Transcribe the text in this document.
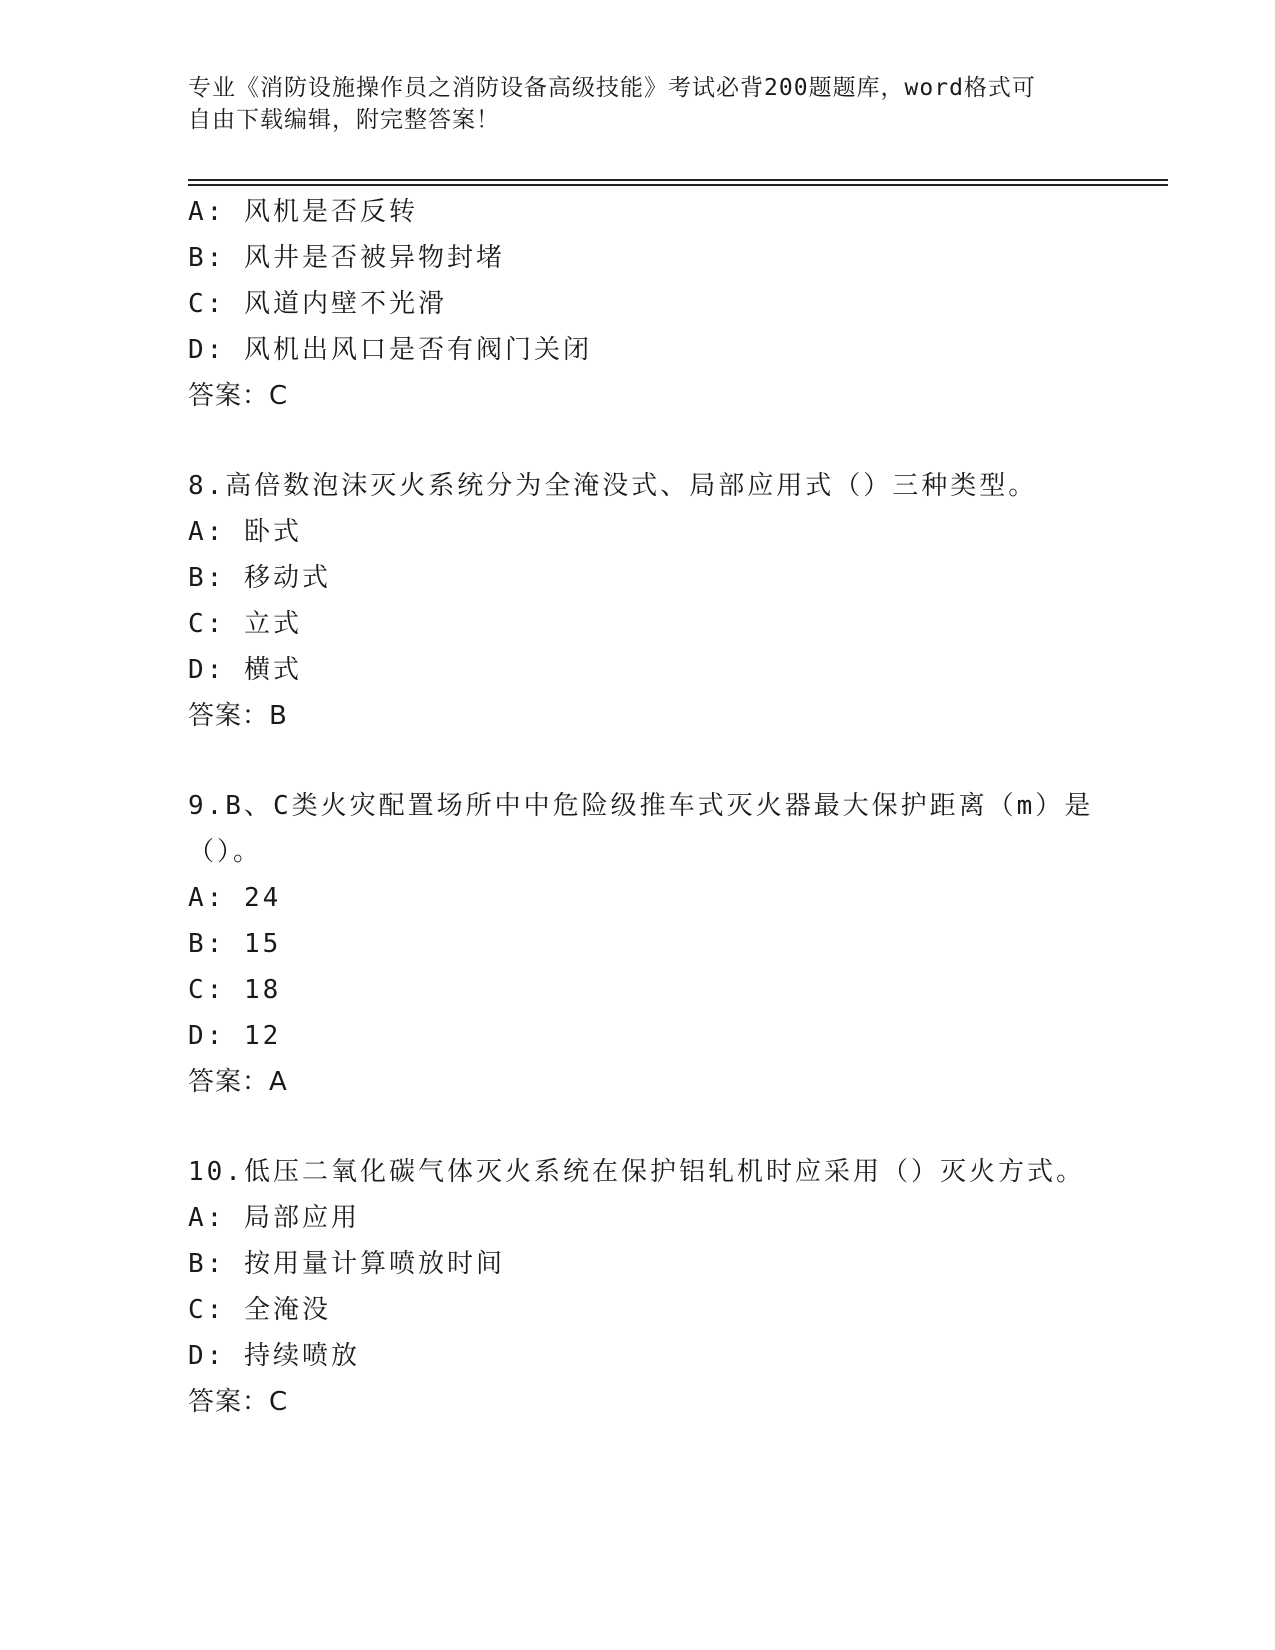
专业《消防设施操作员之消防设备高级技能》考试必背200题题库，word格式可
自由下载编辑，附完整答案！
A: 风机是否反转
B: 风井是否被异物封堵
C: 风道内壁不光滑
D: 风机出风口是否有阀门关闭
答案：C
8.高倍数泡沫灭火系统分为全淹没式、局部应用式（）三种类型。
A: 卧式
B: 移动式
C: 立式
D: 横式
答案：B
9.B、C类火灾配置场所中中危险级推车式灭火器最大保护距离（m）是
（）。
A: 24
B: 15
C: 18
D: 12
答案：A
10.低压二氧化碳气体灭火系统在保护铝轧机时应采用（）灭火方式。
A: 局部应用
B: 按用量计算喷放时间
C: 全淹没
D: 持续喷放
答案：C
